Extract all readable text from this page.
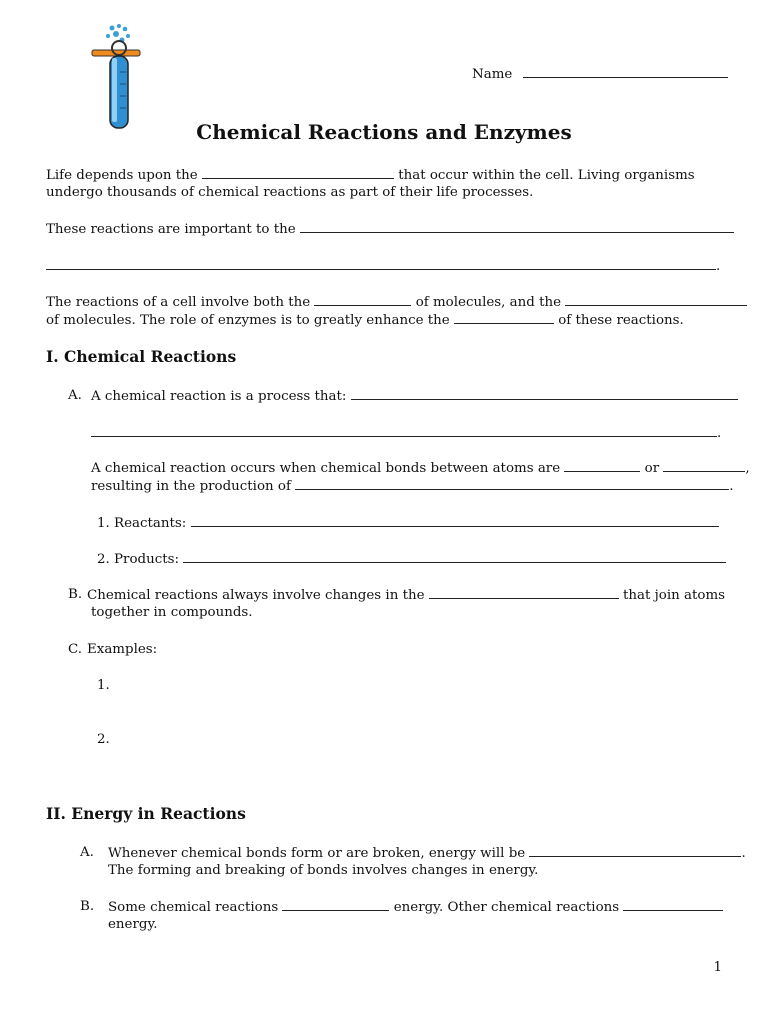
Name
Chemical Reactions and Enzymes
Life depends upon the	that occur within the cell. Living organisms
undergo thousands of chemical reactions as part of their life processes.
These reactions are important to the
.
The reactions of a cell involve both the	of molecules, and the
of molecules. The role of enzymes is to greatly enhance the	of these reactions.
I. Chemical Reactions
A. A chemical reaction is a process that:
.
A chemical reaction occurs when chemical bonds between atoms are	or	,
resulting in the production of	.
1. Reactants:
2. Products:
B. Chemical reactions always involve changes in the	that join atoms
together in compounds.
C. Examples:
1.
2.
II. Energy in Reactions
A. Whenever chemical bonds form or are broken, energy will be	.
The forming and breaking of bonds involves changes in energy.
B. Some chemical reactions	energy. Other chemical reactions
energy.
1
